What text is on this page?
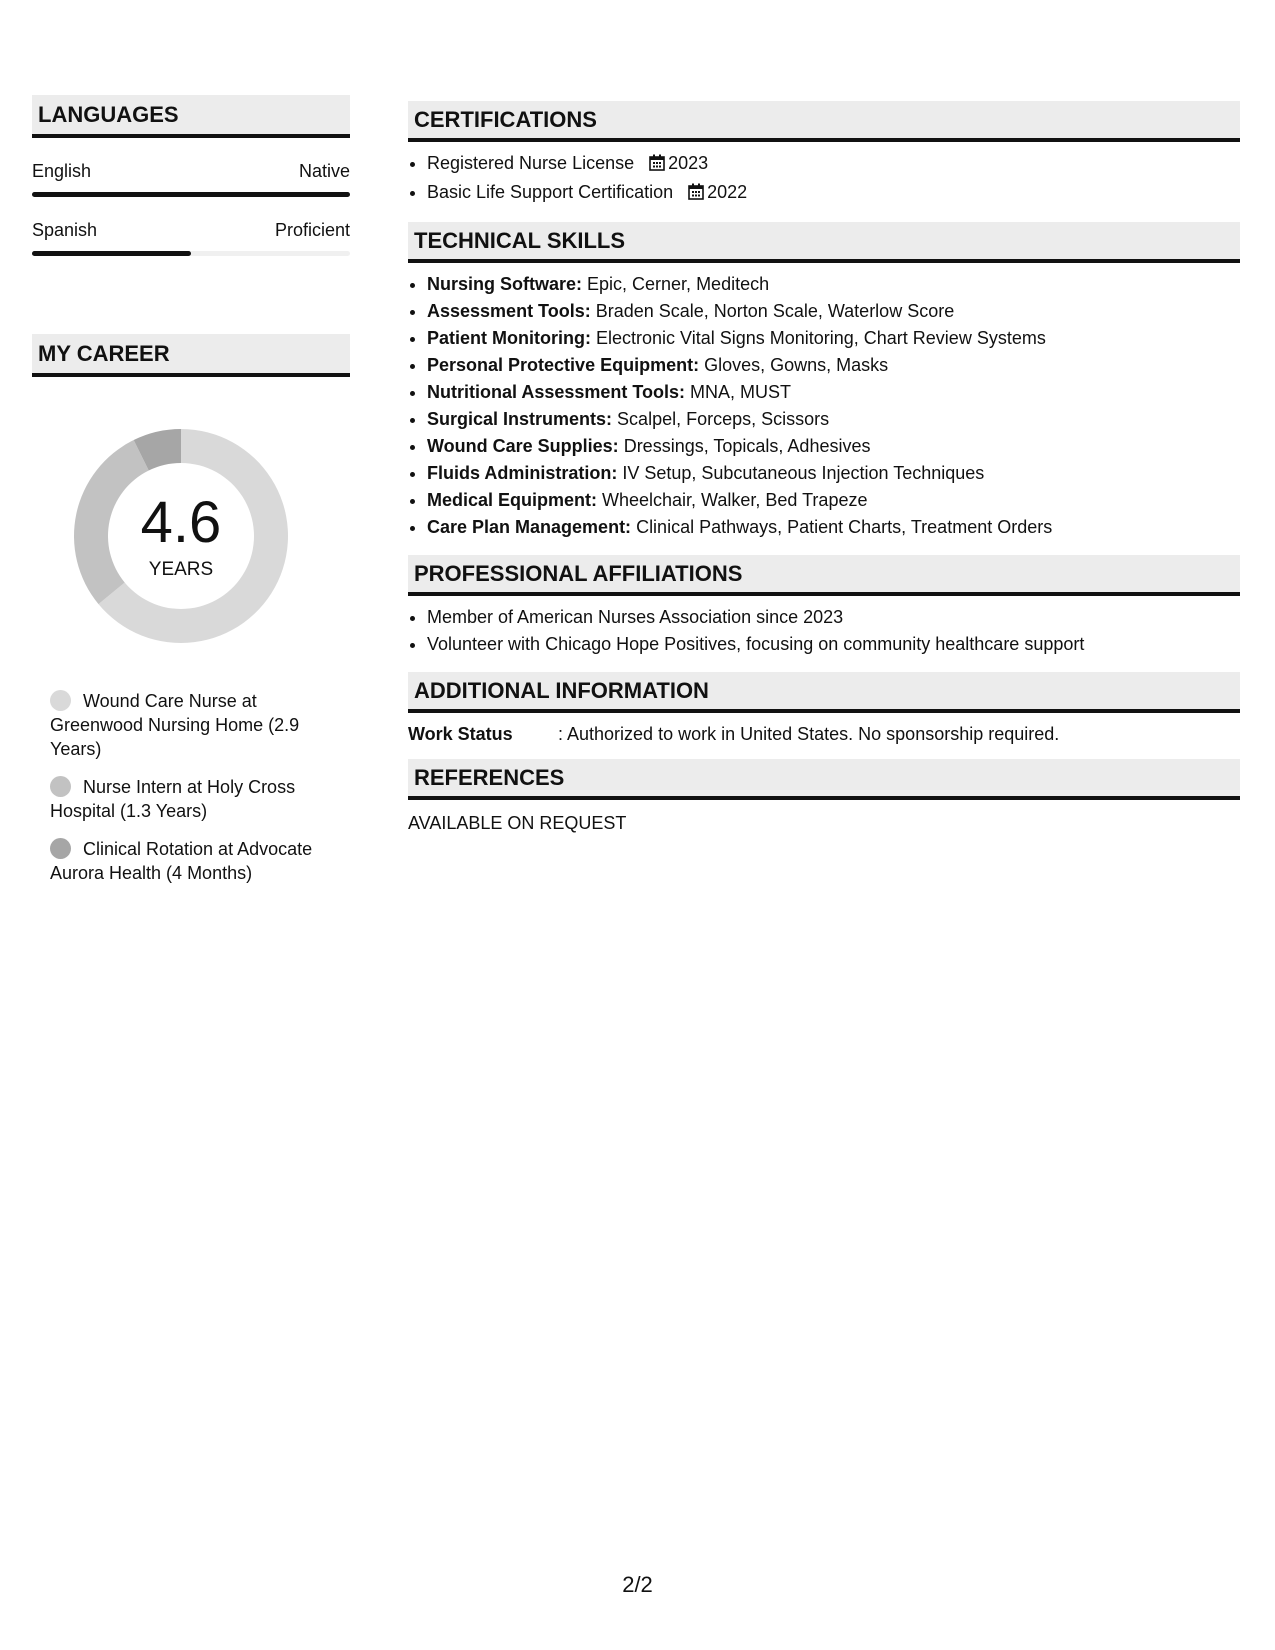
LANGUAGES
English	Native
Spanish	Proficient
MY CAREER
4.6
YEARS
Wound Care Nurse at Greenwood Nursing Home (2.9 Years)
Nurse Intern at Holy Cross Hospital (1.3 Years)
Clinical Rotation at Advocate Aurora Health (4 Months)
CERTIFICATIONS
• Registered Nurse License 2023
• Basic Life Support Certification 2022
TECHNICAL SKILLS
• Nursing Software: Epic, Cerner, Meditech
• Assessment Tools: Braden Scale, Norton Scale, Waterlow Score
• Patient Monitoring: Electronic Vital Signs Monitoring, Chart Review Systems
• Personal Protective Equipment: Gloves, Gowns, Masks
• Nutritional Assessment Tools: MNA, MUST
• Surgical Instruments: Scalpel, Forceps, Scissors
• Wound Care Supplies: Dressings, Topicals, Adhesives
• Fluids Administration: IV Setup, Subcutaneous Injection Techniques
• Medical Equipment: Wheelchair, Walker, Bed Trapeze
• Care Plan Management: Clinical Pathways, Patient Charts, Treatment Orders
PROFESSIONAL AFFILIATIONS
• Member of American Nurses Association since 2023
• Volunteer with Chicago Hope Positives, focusing on community healthcare support
ADDITIONAL INFORMATION
Work Status	: Authorized to work in United States. No sponsorship required.
REFERENCES
AVAILABLE ON REQUEST
2/2
